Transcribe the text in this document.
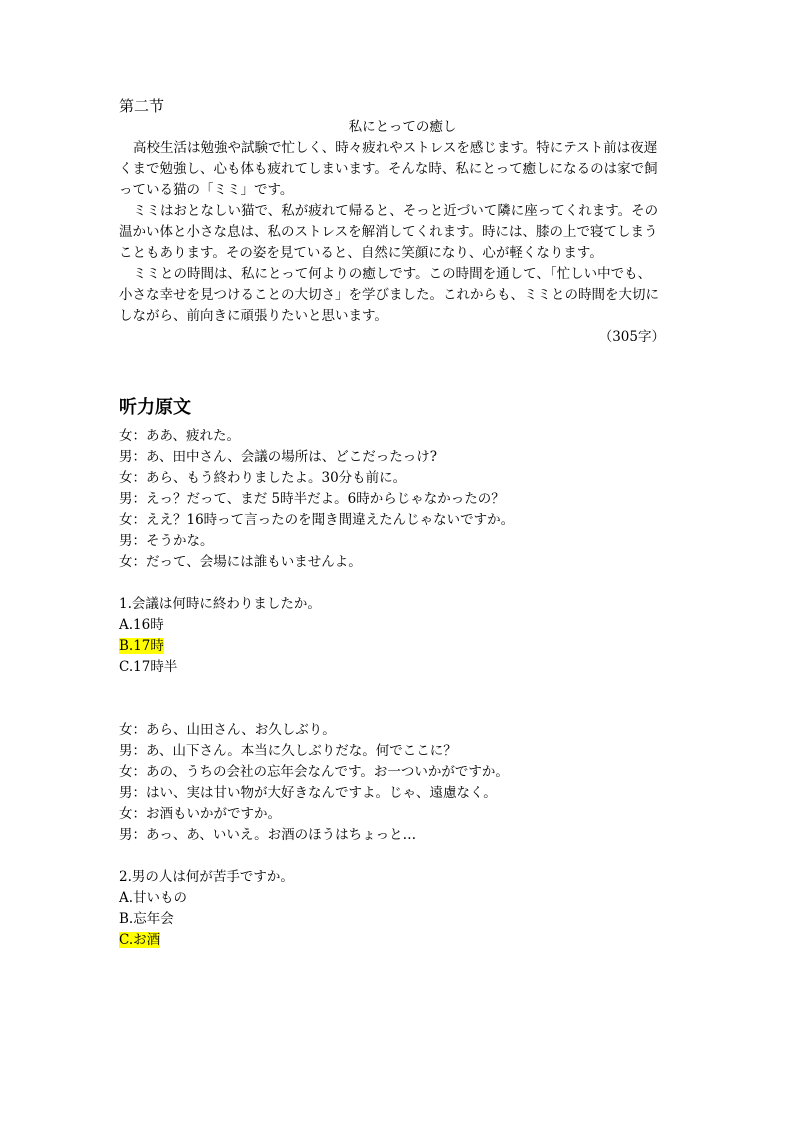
第二节
私にとっての癒し
高校生活は勉強や試験で忙しく、時々疲れやストレスを感じます。特にテスト前は夜遅
くまで勉強し、心も体も疲れてしまいます。そんな時、私にとって癒しになるのは家で飼
っている猫の「ミミ」です。
ミミはおとなしい猫で、私が疲れて帰ると、そっと近づいて隣に座ってくれます。その
温かい体と小さな息は、私のストレスを解消してくれます。時には、膝の上で寝てしまう
こともあります。その姿を見ていると、自然に笑顔になり、心が軽くなります。
ミミとの時間は、私にとって何よりの癒しです。この時間を通して、「忙しい中でも、
小さな幸せを見つけることの大切さ」を学びました。これからも、ミミとの時間を大切に
しながら、前向きに頑張りたいと思います。
（305字）
听力原文
女：ああ、疲れた。
男：あ、田中さん、会議の場所は、どこだったっけ?
女：あら、もう終わりましたよ。30分も前に。
男：えっ？だって、まだ 5時半だよ。6時からじゃなかったの？
女：ええ？16時って言ったのを聞き間違えたんじゃないですか。
男：そうかな。
女：だって、会場には誰もいませんよ。
1.会議は何時に終わりましたか。
A.16時
B.17時
C.17時半
女：あら、山田さん、お久しぶり。
男：あ、山下さん。本当に久しぶりだな。何でここに？
女：あの、うちの会社の忘年会なんです。お一ついかがですか。
男：はい、実は甘い物が大好きなんですよ。じゃ、遠慮なく。
女：お酒もいかがですか。
男：あっ、あ、いいえ。お酒のほうはちょっと…
2.男の人は何が苦手ですか。
A.甘いもの
B.忘年会
C.お酒
